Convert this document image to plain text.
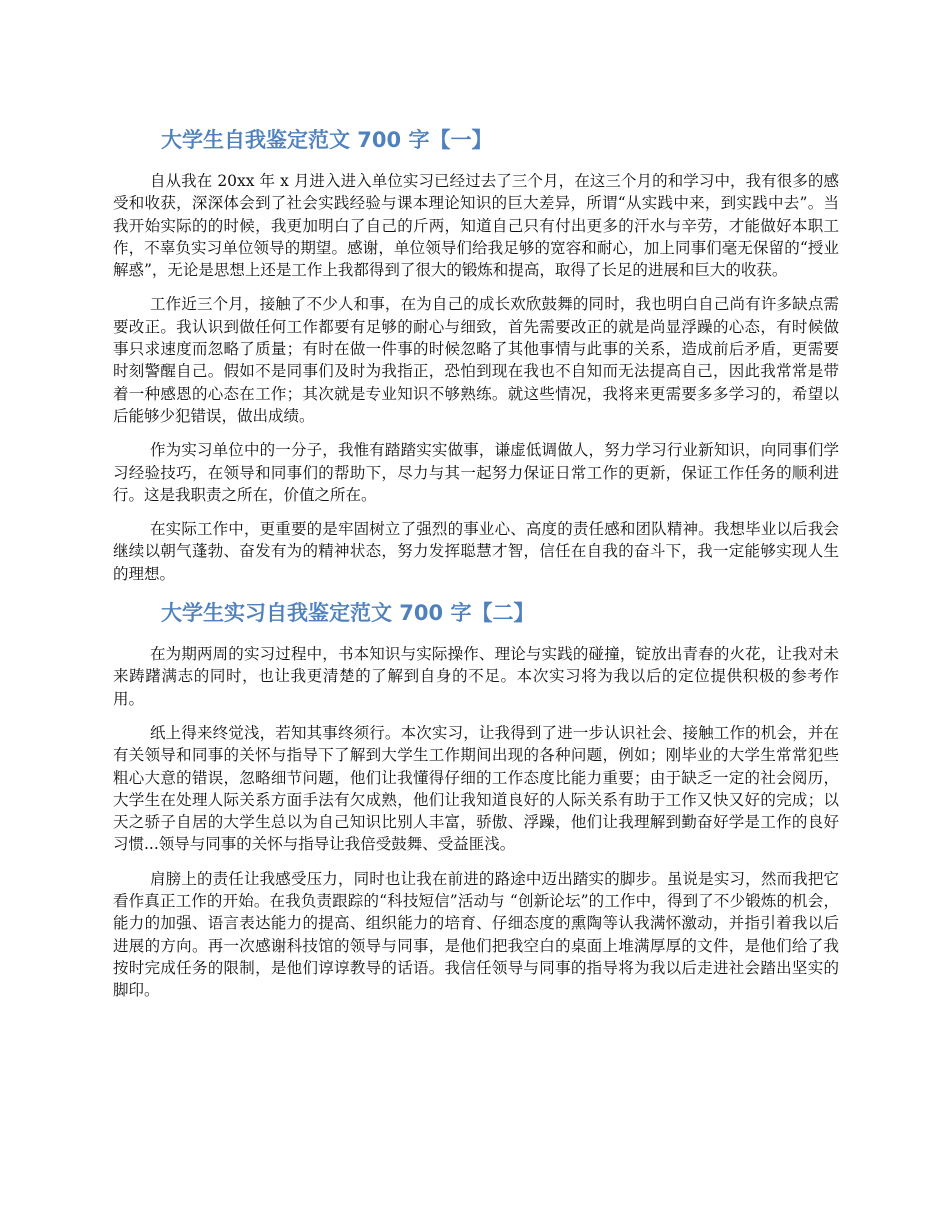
大学生自我鉴定范文 700 字【一】

自从我在 20xx 年 x 月进入进入单位实习已经过去了三个月，在这三个月的和学习中，我有很多的感受和收获，深深体会到了社会实践经验与课本理论知识的巨大差异，所谓“从实践中来，到实践中去”。当我开始实际的的时候，我更加明白了自己的斤两，知道自己只有付出更多的汗水与辛劳，才能做好本职工作，不辜负实习单位领导的期望。感谢，单位领导们给我足够的宽容和耐心，加上同事们毫无保留的“授业解惑”，无论是思想上还是工作上我都得到了很大的锻炼和提高，取得了长足的进展和巨大的收获。

工作近三个月，接触了不少人和事，在为自己的成长欢欣鼓舞的同时，我也明白自己尚有许多缺点需要改正。我认识到做任何工作都要有足够的耐心与细致，首先需要改正的就是尚显浮躁的心态，有时候做事只求速度而忽略了质量；有时在做一件事的时候忽略了其他事情与此事的关系，造成前后矛盾，更需要时刻警醒自己。假如不是同事们及时为我指正，恐怕到现在我也不自知而无法提高自己，因此我常常是带着一种感恩的心态在工作；其次就是专业知识不够熟练。就这些情况，我将来更需要多多学习的，希望以后能够少犯错误，做出成绩。

作为实习单位中的一分子，我惟有踏踏实实做事，谦虚低调做人，努力学习行业新知识，向同事们学习经验技巧，在领导和同事们的帮助下，尽力与其一起努力保证日常工作的更新，保证工作任务的顺利进行。这是我职责之所在，价值之所在。

在实际工作中，更重要的是牢固树立了强烈的事业心、高度的责任感和团队精神。我想毕业以后我会继续以朝气蓬勃、奋发有为的精神状态，努力发挥聪慧才智，信任在自我的奋斗下，我一定能够实现人生的理想。

大学生实习自我鉴定范文 700 字【二】

在为期两周的实习过程中，书本知识与实际操作、理论与实践的碰撞，锭放出青春的火花，让我对未来踌躇满志的同时，也让我更清楚的了解到自身的不足。本次实习将为我以后的定位提供积极的参考作用。

纸上得来终觉浅，若知其事终须行。本次实习，让我得到了进一步认识社会、接触工作的机会，并在有关领导和同事的关怀与指导下了解到大学生工作期间出现的各种问题，例如；刚毕业的大学生常常犯些粗心大意的错误，忽略细节问题，他们让我懂得仔细的工作态度比能力重要；由于缺乏一定的社会阅历，大学生在处理人际关系方面手法有欠成熟，他们让我知道良好的人际关系有助于工作又快又好的完成；以天之骄子自居的大学生总以为自己知识比别人丰富，骄傲、浮躁，他们让我理解到勤奋好学是工作的良好习惯...领导与同事的关怀与指导让我倍受鼓舞、受益匪浅。

肩膀上的责任让我感受压力，同时也让我在前进的路途中迈出踏实的脚步。虽说是实习，然而我把它看作真正工作的开始。在我负责跟踪的“科技短信”活动与 “创新论坛”的工作中，得到了不少锻炼的机会，能力的加强、语言表达能力的提高、组织能力的培育、仔细态度的熏陶等认我满怀激动，并指引着我以后进展的方向。再一次感谢科技馆的领导与同事，是他们把我空白的桌面上堆满厚厚的文件，是他们给了我按时完成任务的限制，是他们谆谆教导的话语。我信任领导与同事的指导将为我以后走进社会踏出坚实的脚印。
